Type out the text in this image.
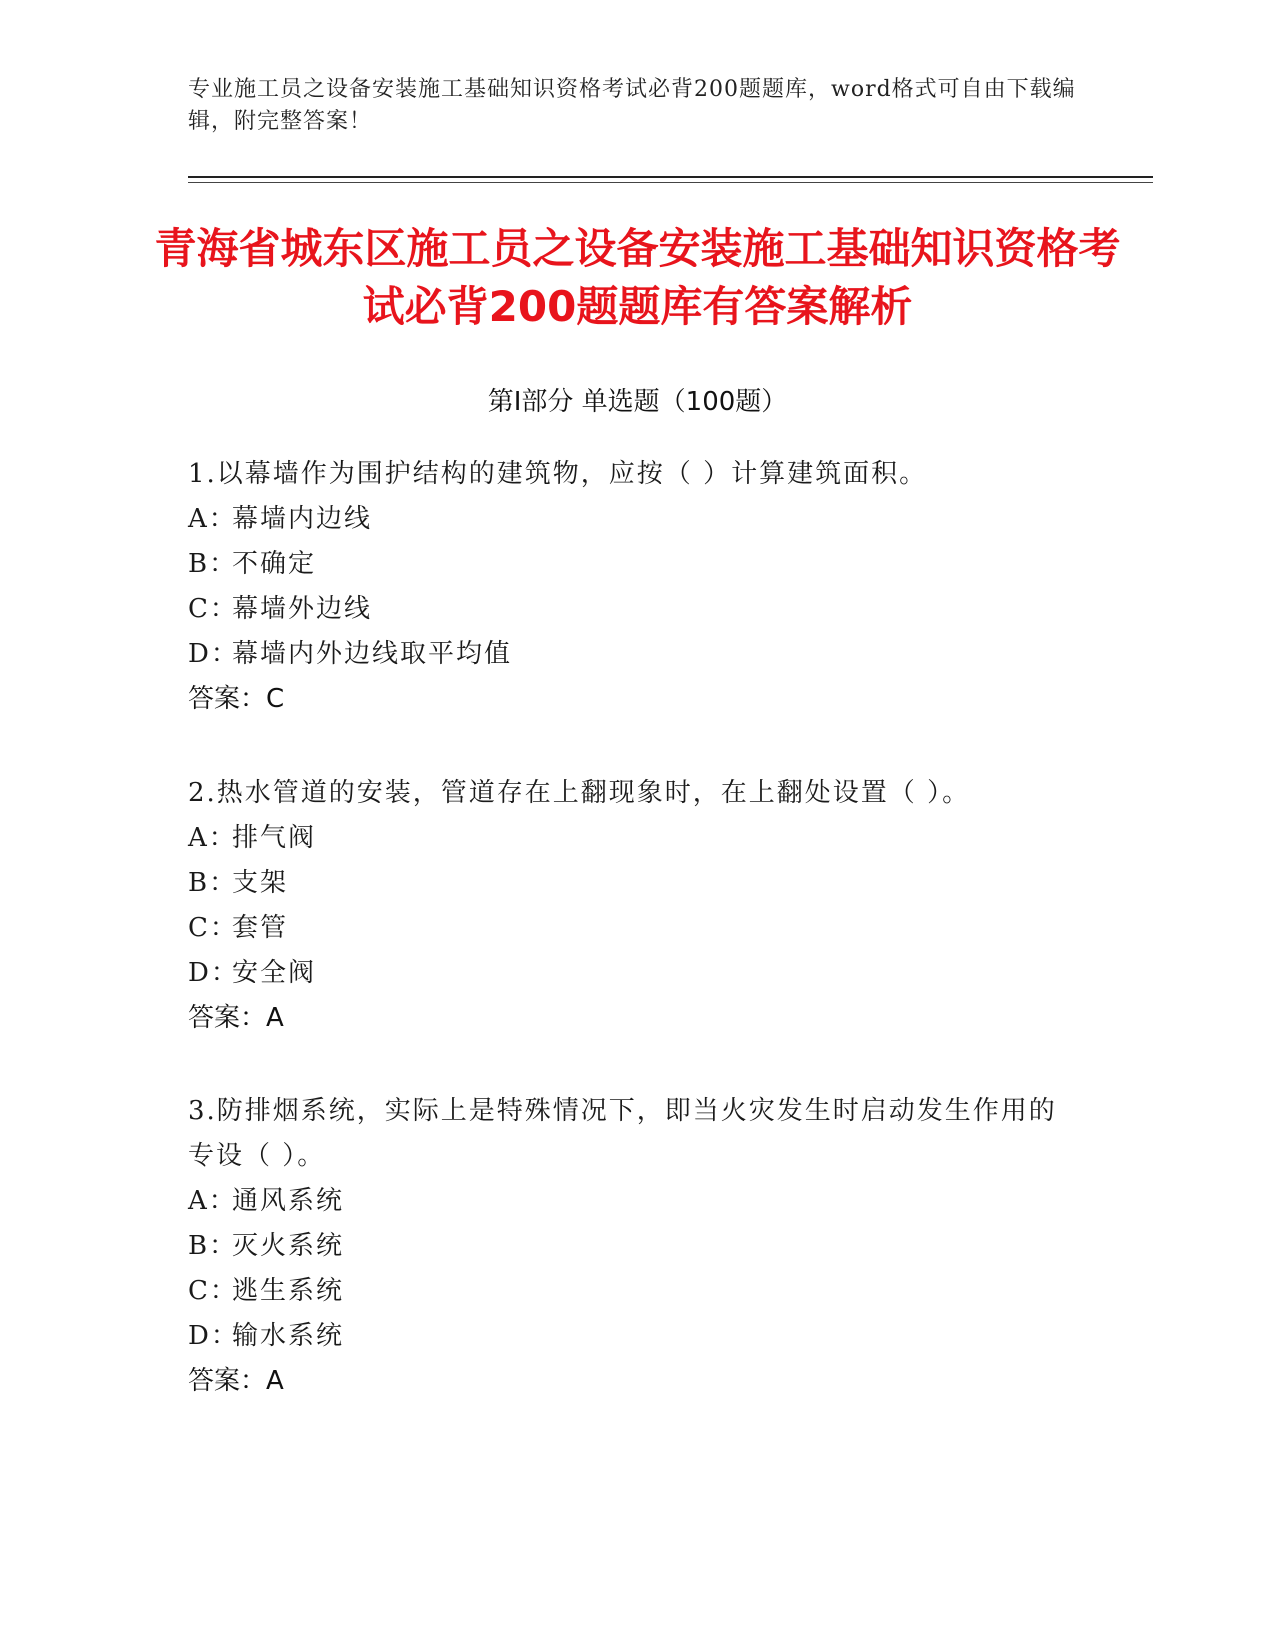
专业施工员之设备安装施工基础知识资格考试必背200题题库，word格式可自由下载编辑，附完整答案！
青海省城东区施工员之设备安装施工基础知识资格考试必背200题题库有答案解析
第Ⅰ部分 单选题（100题）
1.以幕墙作为围护结构的建筑物，应按（ ）计算建筑面积。
A：幕墙内边线
B：不确定
C：幕墙外边线
D：幕墙内外边线取平均值
答案：C
2.热水管道的安装，管道存在上翻现象时，在上翻处设置（ ）。
A：排气阀
B：支架
C：套管
D：安全阀
答案：A
3.防排烟系统，实际上是特殊情况下，即当火灾发生时启动发生作用的专设（ ）。
A：通风系统
B：灭火系统
C：逃生系统
D：输水系统
答案：A
